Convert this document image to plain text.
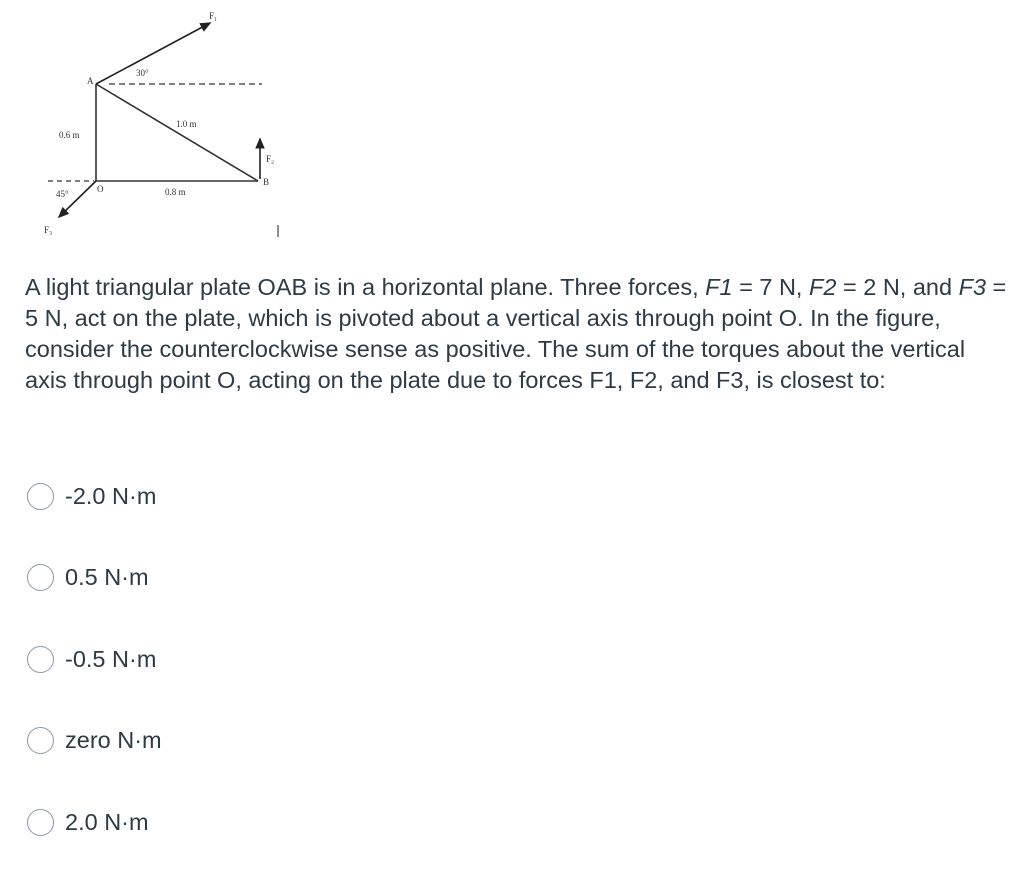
F₁
30°
A
1.0 m
0.6 m
F₂
B
45°	O	0.8 m
F₃
A light triangular plate OAB is in a horizontal plane. Three forces, F1 = 7 N, F2 = 2 N, and F3 = 5 N, act on the plate, which is pivoted about a vertical axis through point O. In the figure, consider the counterclockwise sense as positive. The sum of the torques about the vertical axis through point O, acting on the plate due to forces F1, F2, and F3, is closest to:
-2.0 N·m
0.5 N·m
-0.5 N·m
zero N·m
2.0 N·m
